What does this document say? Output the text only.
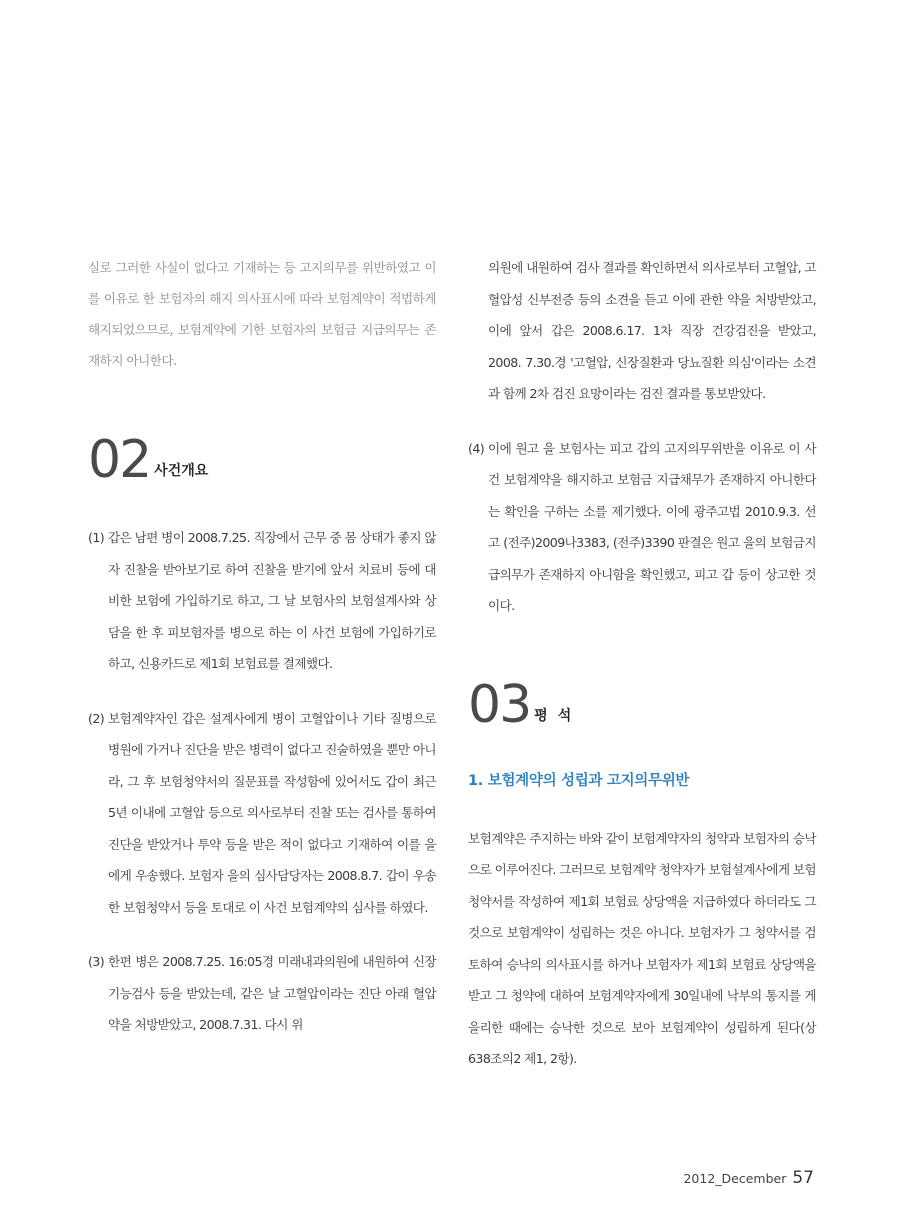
실로 그러한 사실이 없다고 기재하는 등 고지의무를 위반하였고 이를 이유로 한 보험자의 해지 의사표시에 따라 보험계약이 적법하게 해지되었으므로, 보험계약에 기한 보험자의 보험금 지급의무는 존재하지 아니한다.

02 사건개요
(1) 갑은 남편 병이 2008.7.25. 직장에서 근무 중 몸 상태가 좋지 않자 진찰을 받아보기로 하여 진찰을 받기에 앞서 치료비 등에 대비한 보험에 가입하기로 하고, 그 날 보험사의 보험설계사와 상담을 한 후 피보험자를 병으로 하는 이 사건 보험에 가입하기로 하고, 신용카드로 제1회 보험료를 결제했다.
(2) 보험계약자인 갑은 설계사에게 병이 고혈압이나 기타 질병으로 병원에 가거나 진단을 받은 병력이 없다고 진술하였을 뿐만 아니라, 그 후 보험청약서의 질문표를 작성함에 있어서도 갑이 최근 5년 이내에 고혈압 등으로 의사로부터 진찰 또는 검사를 통하여 진단을 받았거나 투약 등을 받은 적이 없다고 기재하여 이를 을에게 우송했다. 보험자 을의 심사담당자는 2008.8.7. 갑이 우송한 보험청약서 등을 토대로 이 사건 보험계약의 심사를 하였다.
(3) 한편 병은 2008.7.25. 16:05경 미래내과의원에 내원하여 신장기능검사 등을 받았는데, 같은 날 고혈압이라는 진단 아래 혈압약을 처방받았고, 2008.7.31. 다시 위

의원에 내원하여 검사 결과를 확인하면서 의사로부터 고혈압, 고혈압성 신부전증 등의 소견을 듣고 이에 관한 약을 처방받았고, 이에 앞서 갑은 2008.6.17. 1차 직장 건강검진을 받았고, 2008. 7.30.경 '고혈압, 신장질환과 당뇨질환 의심'이라는 소견과 함께 2차 검진 요망이라는 검진 결과를 통보받았다.

(4) 이에 원고 을 보험사는 피고 갑의 고지의무위반을 이유로 이 사건 보험계약을 해지하고 보험금 지급채무가 존재하지 아니한다는 확인을 구하는 소를 제기했다. 이에 광주고법 2010.9.3. 선고 (전주)2009나3383, (전주)3390 판결은 원고 을의 보험금지급의무가 존재하지 아니함을 확인했고, 피고 갑 등이 상고한 것이다.
03 평석

1. 보험계약의 성립과 고지의무위반

보험계약은 주지하는 바와 같이 보험계약자의 청약과 보험자의 승낙으로 이루어진다. 그러므로 보험계약 청약자가 보험설계사에게 보험청약서를 작성하여 제1회 보험료 상당액을 지급하였다 하더라도 그것으로 보험계약이 성립하는 것은 아니다. 보험자가 그 청약서를 검토하여 승낙의 의사표시를 하거나 보험자가 제1회 보험료 상당액을 받고 그 청약에 대하여 보험계약자에게 30일내에 낙부의 통지를 게을리한 때에는 승낙한 것으로 보아 보험계약이 성립하게 된다(상 638조의2 제1, 2항).

2012_December 57
